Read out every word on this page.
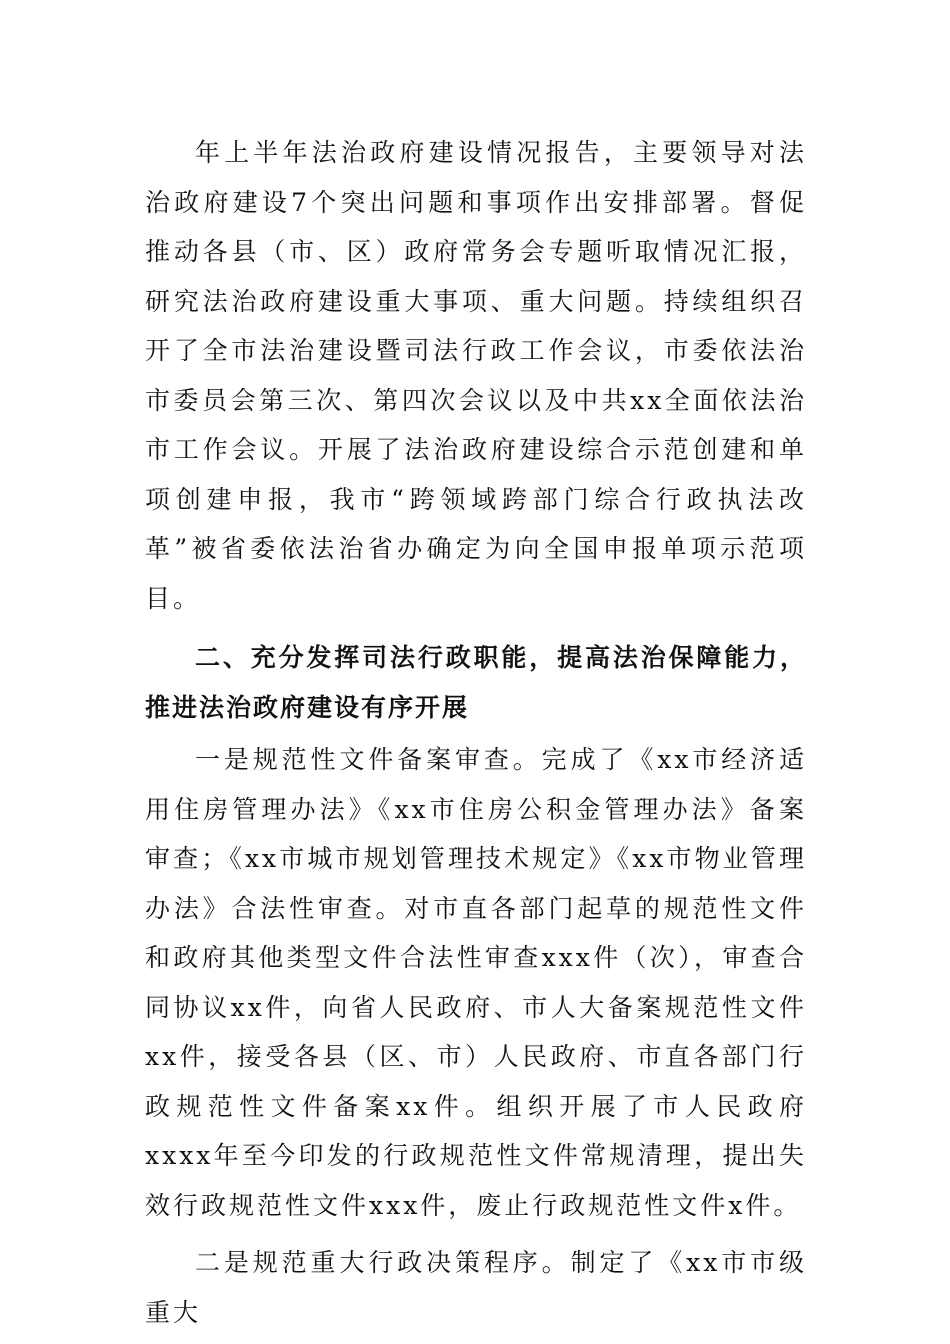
年上半年法治政府建设情况报告，主要领导对法治政府建设7个突出问题和事项作出安排部署。督促推动各县（市、区）政府常务会专题听取情况汇报，研究法治政府建设重大事项、重大问题。持续组织召开了全市法治建设暨司法行政工作会议，市委依法治市委员会第三次、第四次会议以及中共xx全面依法治市工作会议。开展了法治政府建设综合示范创建和单项创建申报，我市“跨领域跨部门综合行政执法改革”被省委依法治省办确定为向全国申报单项示范项目。

二、充分发挥司法行政职能，提高法治保障能力，推进法治政府建设有序开展

一是规范性文件备案审查。完成了《xx市经济适用住房管理办法》《xx市住房公积金管理办法》备案审查；《xx市城市规划管理技术规定》《xx市物业管理办法》合法性审查。对市直各部门起草的规范性文件和政府其他类型文件合法性审查xxx件（次），审查合同协议xx件，向省人民政府、市人大备案规范性文件xx件，接受各县（区、市）人民政府、市直各部门行政规范性文件备案xx件。组织开展了市人民政府xxxx年至今印发的行政规范性文件常规清理，提出失效行政规范性文件xxx件，废止行政规范性文件x件。

二是规范重大行政决策程序。制定了《xx市市级重大
